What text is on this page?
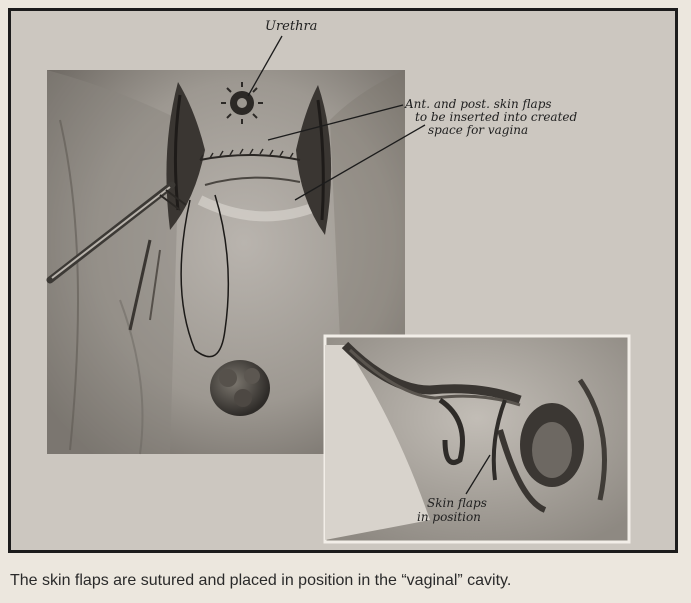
Urethra
Ant. and post. skin flaps
to be inserted into created
space for vagina
Skin flaps
in position
The skin flaps are sutured and placed in position in the “vaginal” cavity.
